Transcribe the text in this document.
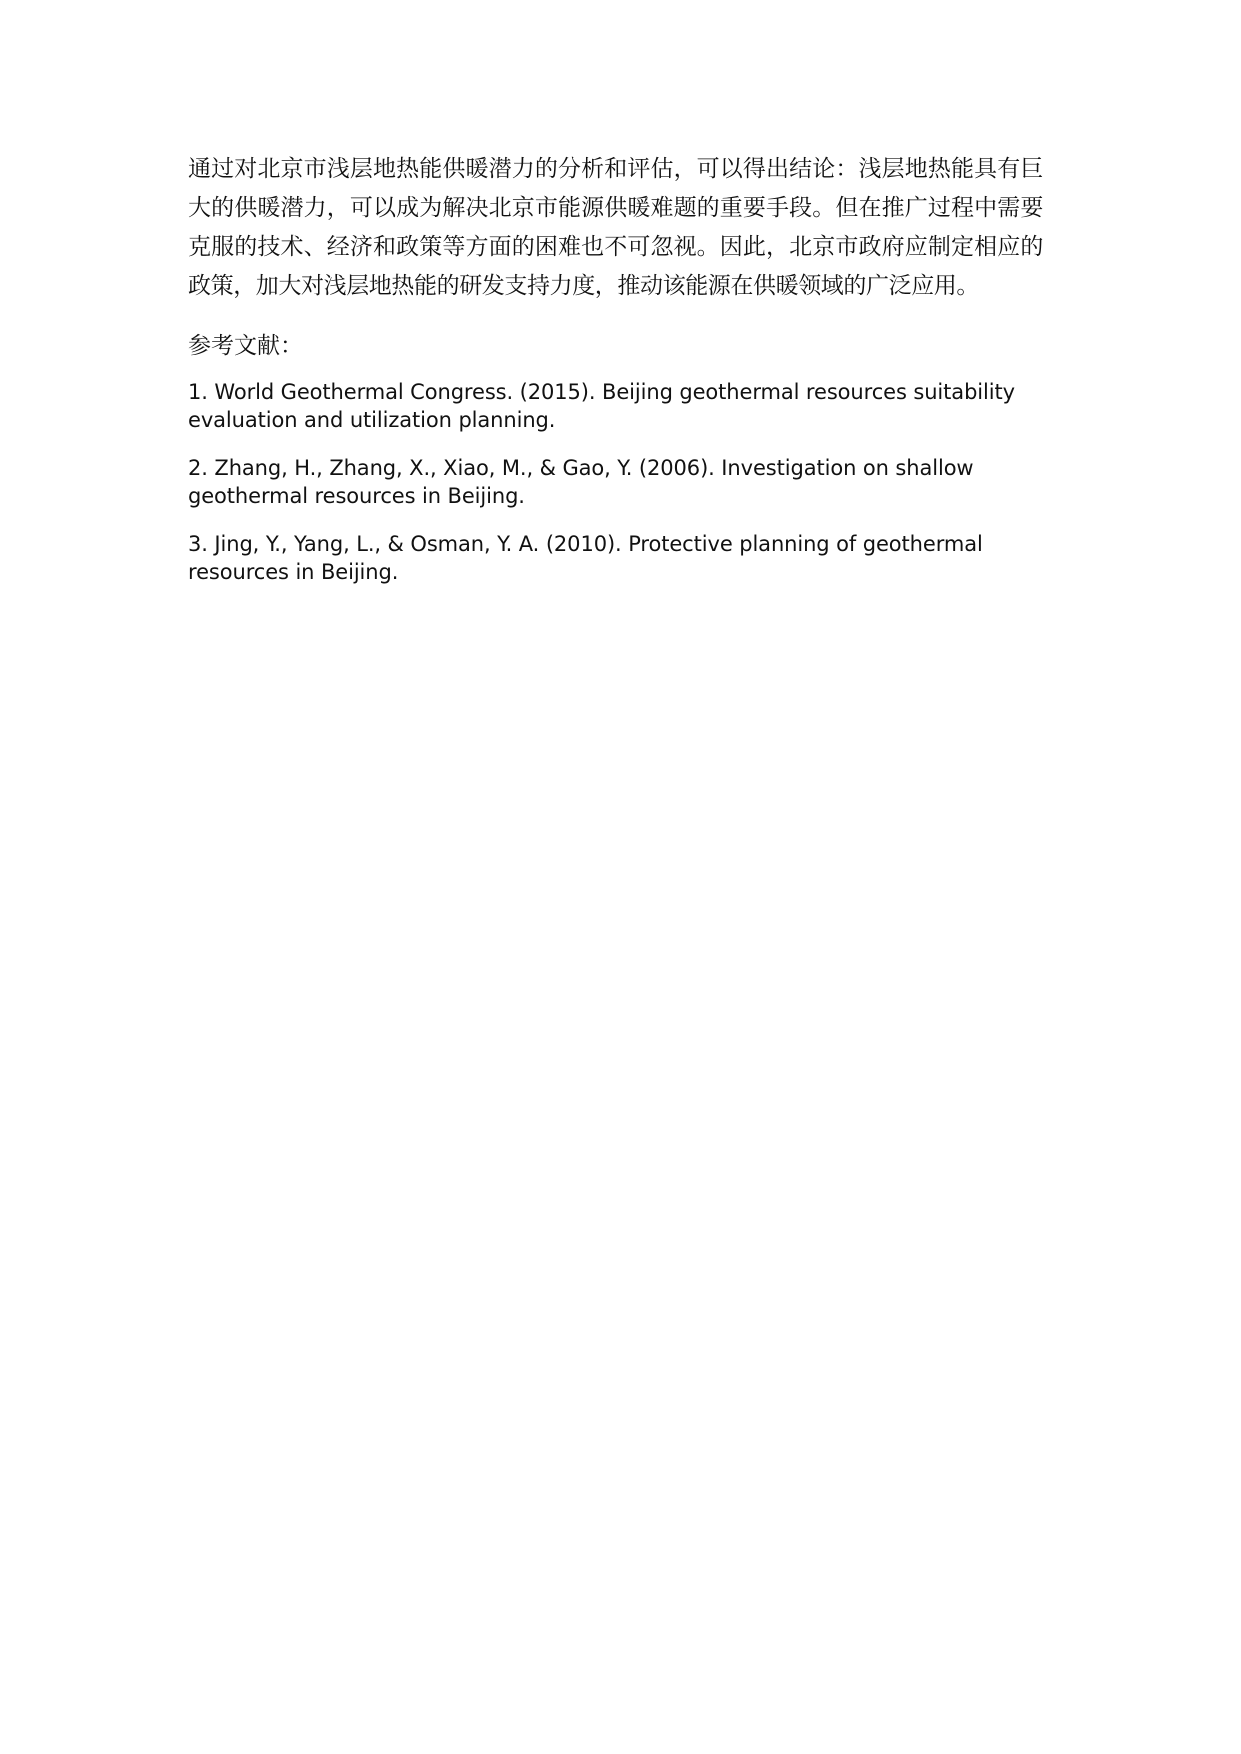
通过对北京市浅层地热能供暖潜力的分析和评估，可以得出结论：浅层地热能具有巨大的供暖潜力，可以成为解决北京市能源供暖难题的重要手段。但在推广过程中需要克服的技术、经济和政策等方面的困难也不可忽视。因此，北京市政府应制定相应的政策，加大对浅层地热能的研发支持力度，推动该能源在供暖领域的广泛应用。

参考文献：

1. World Geothermal Congress. (2015). Beijing geothermal resources suitability evaluation and utilization planning.
2. Zhang, H., Zhang, X., Xiao, M., & Gao, Y. (2006). Investigation on shallow geothermal resources in Beijing.
3. Jing, Y., Yang, L., & Osman, Y. A. (2010). Protective planning of geothermal resources in Beijing.
